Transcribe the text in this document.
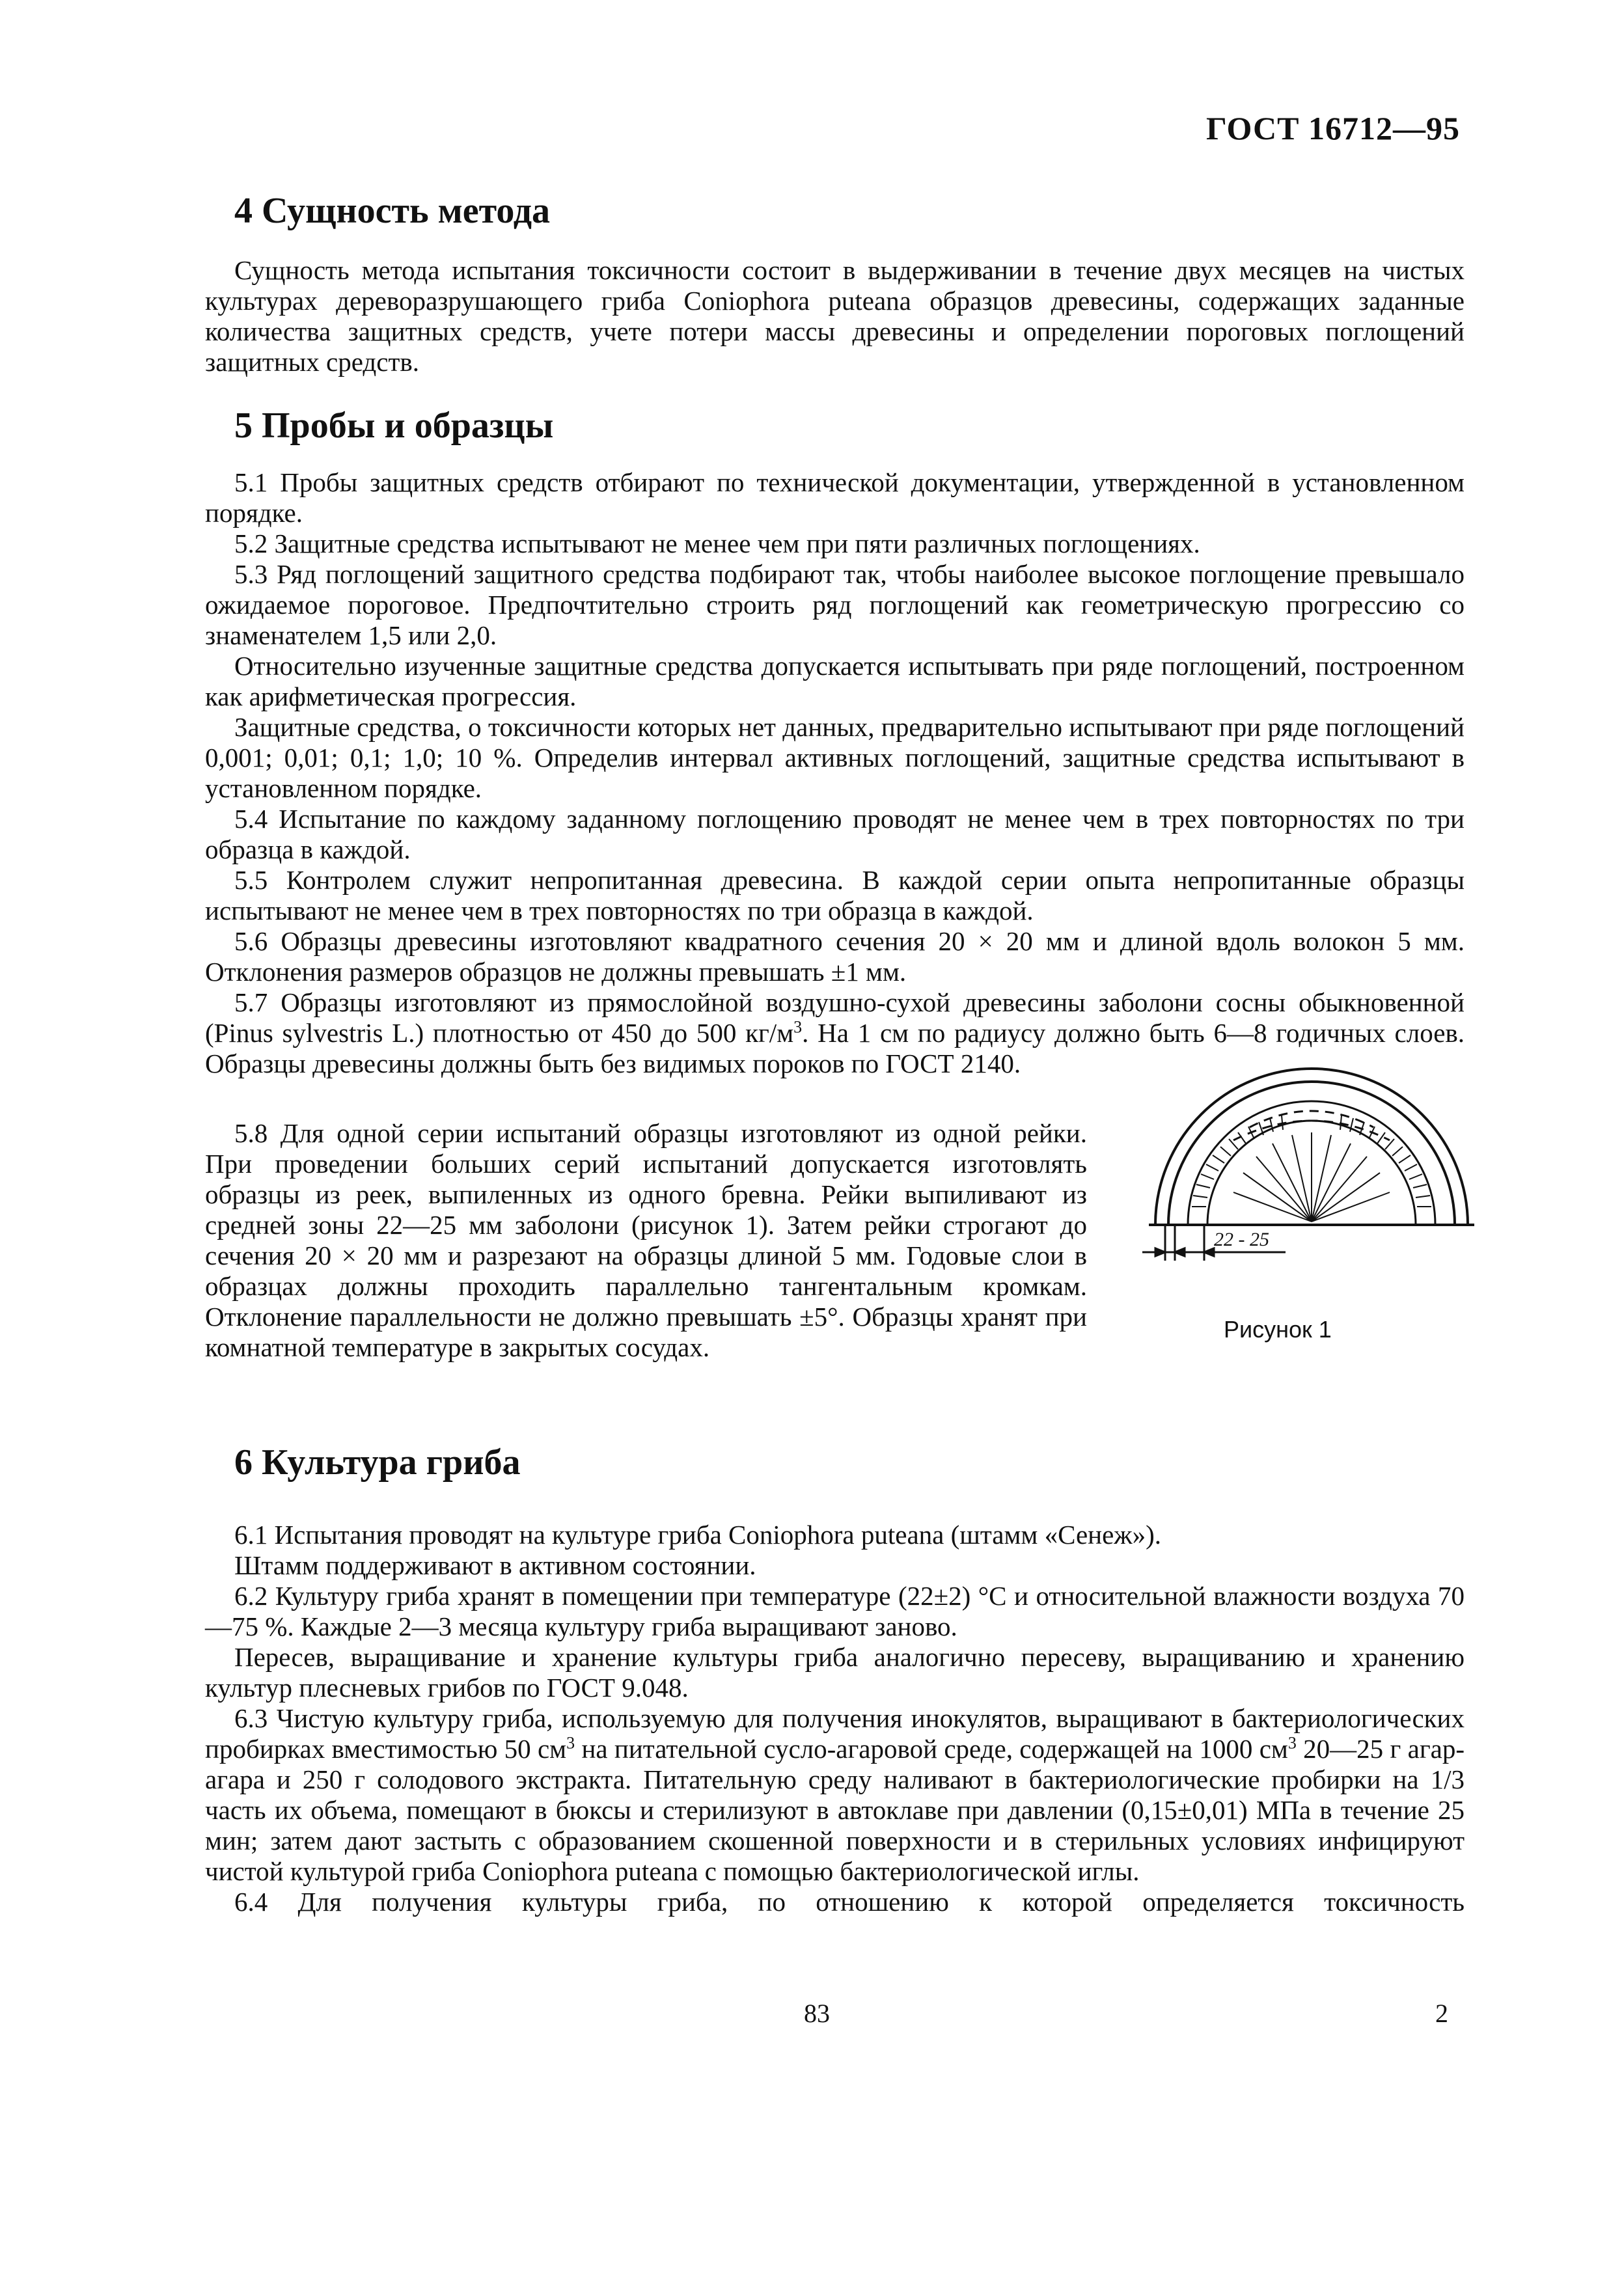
ГОСТ 16712—95
4 Сущность метода

Сущность метода испытания токсичности состоит в выдерживании в течение двух месяцев на чистых культурах дереворазрушающего гриба Coniophora puteana образцов древесины, содержащих заданные количества защитных средств, учете потери массы древесины и определении пороговых поглощений защитных средств.

5 Пробы и образцы

5.1 Пробы защитных средств отбирают по технической документации, утвержденной в установленном порядке.

5.2 Защитные средства испытывают не менее чем при пяти различных поглощениях.

5.3 Ряд поглощений защитного средства подбирают так, чтобы наиболее высокое поглощение превышало ожидаемое пороговое. Предпочтительно строить ряд поглощений как геометрическую прогрессию со знаменателем 1,5 или 2,0.

Относительно изученные защитные средства допускается испытывать при ряде поглощений, построенном как арифметическая прогрессия.

Защитные средства, о токсичности которых нет данных, предварительно испытывают при ряде поглощений 0,001; 0,01; 0,1; 1,0; 10 %. Определив интервал активных поглощений, защитные средства испытывают в установленном порядке.

5.4 Испытание по каждому заданному поглощению проводят не менее чем в трех повторностях по три образца в каждой.

5.5 Контролем служит непропитанная древесина. В каждой серии опыта непропитанные образцы испытывают не менее чем в трех повторностях по три образца в каждой.

5.6 Образцы древесины изготовляют квадратного сечения 20 × 20 мм и длиной вдоль волокон 5 мм. Отклонения размеров образцов не должны превышать ±1 мм.

5.7 Образцы изготовляют из прямослойной воздушно-сухой древесины заболони сосны обыкновенной (Pinus sylvestris L.) плотностью от 450 до 500 $кг/м^3$. На 1 см по радиусу должно быть 6—8 годичных слоев. Образцы древесины должны быть без видимых пороков по ГОСТ 2140.

5.8 Для одной серии испытаний образцы изготовляют из одной рейки. При проведении больших серий испытаний допускается изготовлять образцы из реек, выпиленных из одного бревна. Рейки выпиливают из средней зоны 22—25 мм заболони (рисунок 1). Затем рейки строгают до сечения 20 × 20 мм и разрезают на образцы длиной 5 мм. Годовые слои в образцах должны проходить параллельно тангентальным кромкам. Отклонение параллельности не должно превышать ±5°. Образцы хранят при комнатной температуре в закрытых сосудах.

22 - 25
Рисунок 1
6 Культура гриба

6.1 Испытания проводят на культуре гриба Coniophora puteana (штамм «Сенеж»).

Штамм поддерживают в активном состоянии.

6.2 Культуру гриба хранят в помещении при температуре (22±2) °С и относительной влажности воздуха 70—75 %. Каждые 2—3 месяца культуру гриба выращивают заново.

Пересев, выращивание и хранение культуры гриба аналогично пересеву, выращиванию и хранению культур плесневых грибов по ГОСТ 9.048.

6.3 Чистую культуру гриба, используемую для получения инокулятов, выращивают в бактериологических пробирках вместимостью 50 $см^3$ на питательной сусло-агаровой среде, содержащей на 1000 $см^3$ 20—25 г агар-агара и 250 г солодового экстракта. Питательную среду наливают в бактериологические пробирки на 1/3 часть их объема, помещают в бюксы и стерилизуют в автоклаве при давлении (0,15±0,01) МПа в течение 25 мин; затем дают застыть с образованием скошенной поверхности и в стерильных условиях инфицируют чистой культурой гриба Coniophora puteana с помощью бактериологической иглы.

6.4 Для получения культуры гриба, по отношению к которой определяется токсичность

83	2
